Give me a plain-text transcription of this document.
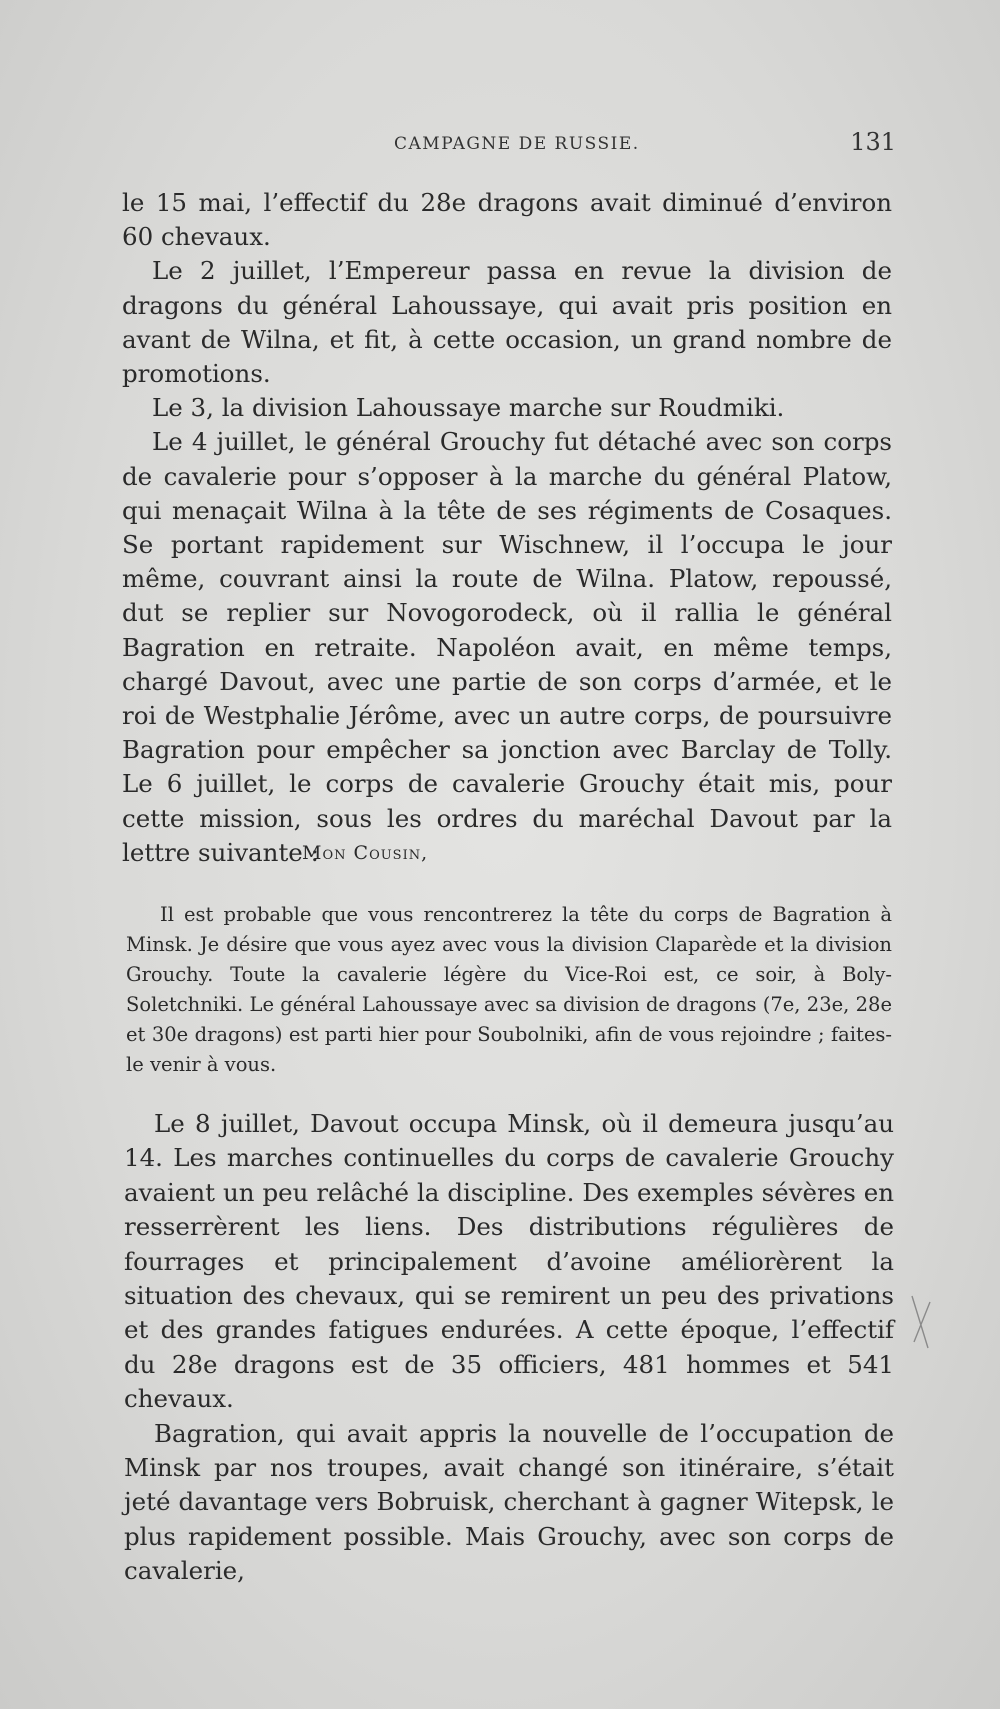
CAMPAGNE DE RUSSIE.	131

le 15 mai, l’effectif du 28e dragons avait diminué d’environ 60 chevaux.

Le 2 juillet, l’Empereur passa en revue la division de dragons du général Lahoussaye, qui avait pris position en avant de Wilna, et fit, à cette occasion, un grand nombre de promotions.

Le 3, la division Lahoussaye marche sur Roudmiki.

Le 4 juillet, le général Grouchy fut détaché avec son corps de cavalerie pour s’opposer à la marche du général Platow, qui menaçait Wilna à la tête de ses régiments de Cosaques. Se portant rapidement sur Wischnew, il l’occupa le jour même, couvrant ainsi la route de Wilna. Platow, repoussé, dut se replier sur Novogorodeck, où il rallia le général Bagration en retraite. Napoléon avait, en même temps, chargé Davout, avec une partie de son corps d’armée, et le roi de Westphalie Jérôme, avec un autre corps, de poursuivre Bagration pour empêcher sa jonction avec Barclay de Tolly. Le 6 juillet, le corps de cavalerie Grouchy était mis, pour cette mission, sous les ordres du maréchal Davout par la lettre suivante :

Mon Cousin,

Il est probable que vous rencontrerez la tête du corps de Bagration à Minsk. Je désire que vous ayez avec vous la division Claparède et la division Grouchy. Toute la cavalerie légère du Vice-Roi est, ce soir, à Boly-Soletchniki. Le général Lahoussaye avec sa division de dragons (7e, 23e, 28e et 30e dragons) est parti hier pour Soubolniki, afin de vous rejoindre ; faites-le venir à vous.

Le 8 juillet, Davout occupa Minsk, où il demeura jusqu’au 14. Les marches continuelles du corps de cavalerie Grouchy avaient un peu relâché la discipline. Des exemples sévères en resserrèrent les liens. Des distributions régulières de fourrages et principalement d’avoine améliorèrent la situation des chevaux, qui se remirent un peu des privations et des grandes fatigues endurées. A cette époque, l’effectif du 28e dragons est de 35 officiers, 481 hommes et 541 chevaux.

Bagration, qui avait appris la nouvelle de l’occupation de Minsk par nos troupes, avait changé son itinéraire, s’était jeté davantage vers Bobruisk, cherchant à gagner Witepsk, le plus rapidement possible. Mais Grouchy, avec son corps de cavalerie,
